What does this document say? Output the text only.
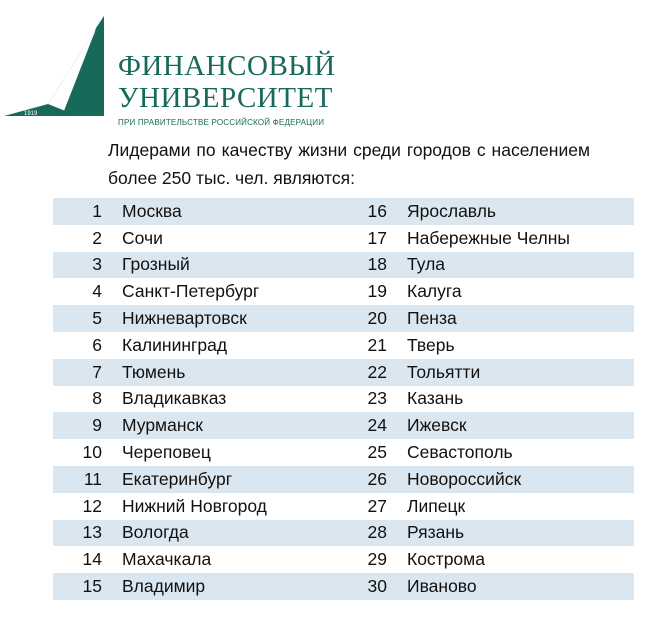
1919
ФИНАНСОВЫЙ
УНИВЕРСИТЕТ
ПРИ ПРАВИТЕЛЬСТВЕ РОССИЙСКОЙ ФЕДЕРАЦИИ
Лидерами по качеству жизни среди городов с населением более 250 тыс. чел. являются:
1	Москва	16	Ярославль
2	Сочи	17	Набережные Челны
3	Грозный	18	Тула
4	Санкт-Петербург	19	Калуга
5	Нижневартовск	20	Пенза
6	Калининград	21	Тверь
7	Тюмень	22	Тольятти
8	Владикавказ	23	Казань
9	Мурманск	24	Ижевск
10	Череповец	25	Севастополь
11	Екатеринбург	26	Новороссийск
12	Нижний Новгород	27	Липецк
13	Вологда	28	Рязань
14	Махачкала	29	Кострома
15	Владимир	30	Иваново
